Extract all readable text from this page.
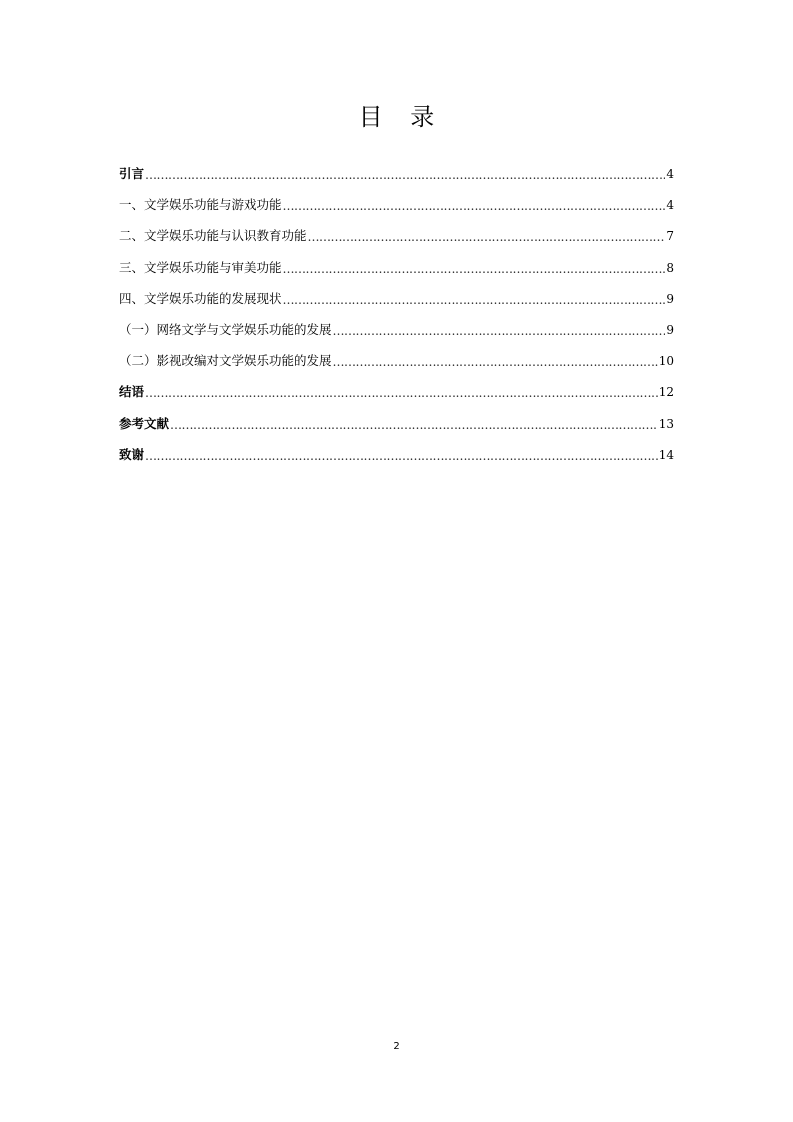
目 录
引言 …………………………………………………………………………………………………………………………………………………………………………………………………………………………………………………	4
一、文学娱乐功能与游戏功能 …………………………………………………………………………………………………………………………………………………………………………………………………………………………………………………	4
二、文学娱乐功能与认识教育功能 …………………………………………………………………………………………………………………………………………………………………………………………………………………………………………………	7
三、文学娱乐功能与审美功能 …………………………………………………………………………………………………………………………………………………………………………………………………………………………………………………	8
四、文学娱乐功能的发展现状 …………………………………………………………………………………………………………………………………………………………………………………………………………………………………………………	9
（一）网络文学与文学娱乐功能的发展 …………………………………………………………………………………………………………………………………………………………………………………………………………………………………………………	9
（二）影视改编对文学娱乐功能的发展 …………………………………………………………………………………………………………………………………………………………………………………………………………………………………………………	10
结语 …………………………………………………………………………………………………………………………………………………………………………………………………………………………………………………	12
参考文献 …………………………………………………………………………………………………………………………………………………………………………………………………………………………………………………	13
致谢 …………………………………………………………………………………………………………………………………………………………………………………………………………………………………………………	14
2
